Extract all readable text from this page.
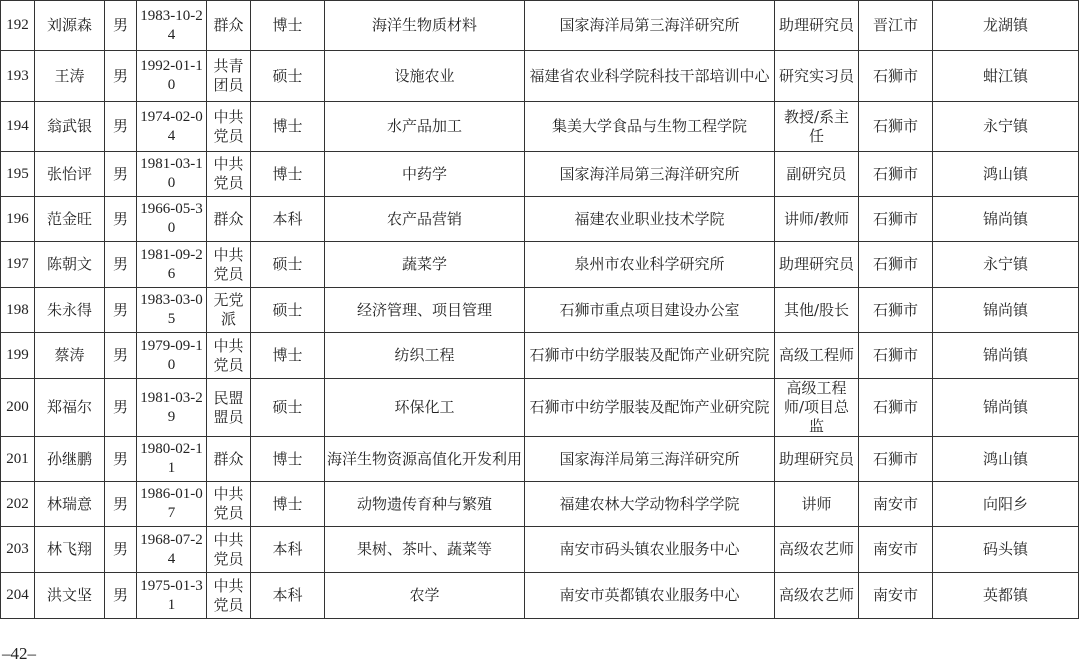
192	刘源森	男	1983-10-24	群众	博士	海洋生物质材料	国家海洋局第三海洋研究所	助理研究员	晋江市	龙湖镇
193	王涛	男	1992-01-10	共青团员	硕士	设施农业	福建省农业科学院科技干部培训中心	研究实习员	石狮市	蚶江镇
194	翁武银	男	1974-02-04	中共党员	博士	水产品加工	集美大学食品与生物工程学院	教授/系主任	石狮市	永宁镇
195	张怡评	男	1981-03-10	中共党员	博士	中药学	国家海洋局第三海洋研究所	副研究员	石狮市	鸿山镇
196	范金旺	男	1966-05-30	群众	本科	农产品营销	福建农业职业技术学院	讲师/教师	石狮市	锦尚镇
197	陈朝文	男	1981-09-26	中共党员	硕士	蔬菜学	泉州市农业科学研究所	助理研究员	石狮市	永宁镇
198	朱永得	男	1983-03-05	无党派	硕士	经济管理、项目管理	石狮市重点项目建设办公室	其他/股长	石狮市	锦尚镇
199	蔡涛	男	1979-09-10	中共党员	博士	纺织工程	石狮市中纺学服装及配饰产业研究院	高级工程师	石狮市	锦尚镇
200	郑福尔	男	1981-03-29	民盟盟员	硕士	环保化工	石狮市中纺学服装及配饰产业研究院	高级工程师/项目总监	石狮市	锦尚镇
201	孙继鹏	男	1980-02-11	群众	博士	海洋生物资源高值化开发利用	国家海洋局第三海洋研究所	助理研究员	石狮市	鸿山镇
202	林瑞意	男	1986-01-07	中共党员	博士	动物遗传育种与繁殖	福建农林大学动物科学学院	讲师	南安市	向阳乡
203	林飞翔	男	1968-07-24	中共党员	本科	果树、茶叶、蔬菜等	南安市码头镇农业服务中心	高级农艺师	南安市	码头镇
204	洪文坚	男	1975-01-31	中共党员	本科	农学	南安市英都镇农业服务中心	高级农艺师	南安市	英都镇
–42–
